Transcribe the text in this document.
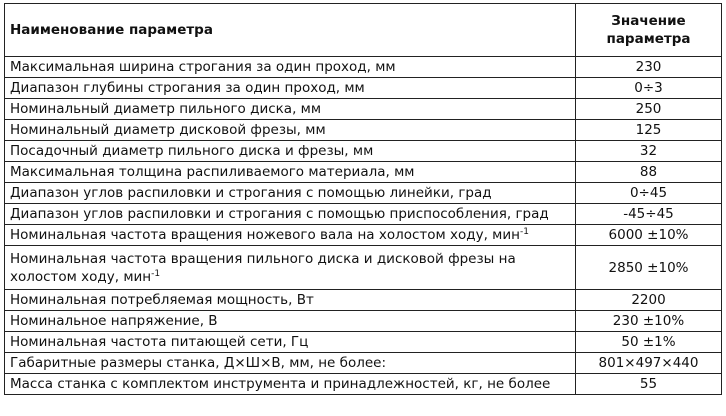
Наименование параметра	Значение параметра
Максимальная ширина строгания за один проход, мм	230
Диапазон глубины строгания за один проход, мм	0÷3
Номинальный диаметр пильного диска, мм	250
Номинальный диаметр дисковой фрезы, мм	125
Посадочный диаметр пильного диска и фрезы, мм	32
Максимальная толщина распиливаемого материала, мм	88
Диапазон углов распиловки и строгания с помощью линейки, град	0÷45
Диапазон углов распиловки и строгания с помощью приспособления, град	-45÷45
Номинальная частота вращения ножевого вала на холостом ходу, мин$^{-1}$	6000 ±10%
Номинальная частота вращения пильного диска и дисковой фрезы на холостом ходу, мин$^{-1}$	2850 ±10%
Номинальная потребляемая мощность, Вт	2200
Номинальное напряжение, В	230 ±10%
Номинальная частота питающей сети, Гц	50 ±1%
Габаритные размеры станка, Д×Ш×В, мм, не более:	801×497×440
Масса станка с комплектом инструмента и принадлежностей, кг, не более	55
